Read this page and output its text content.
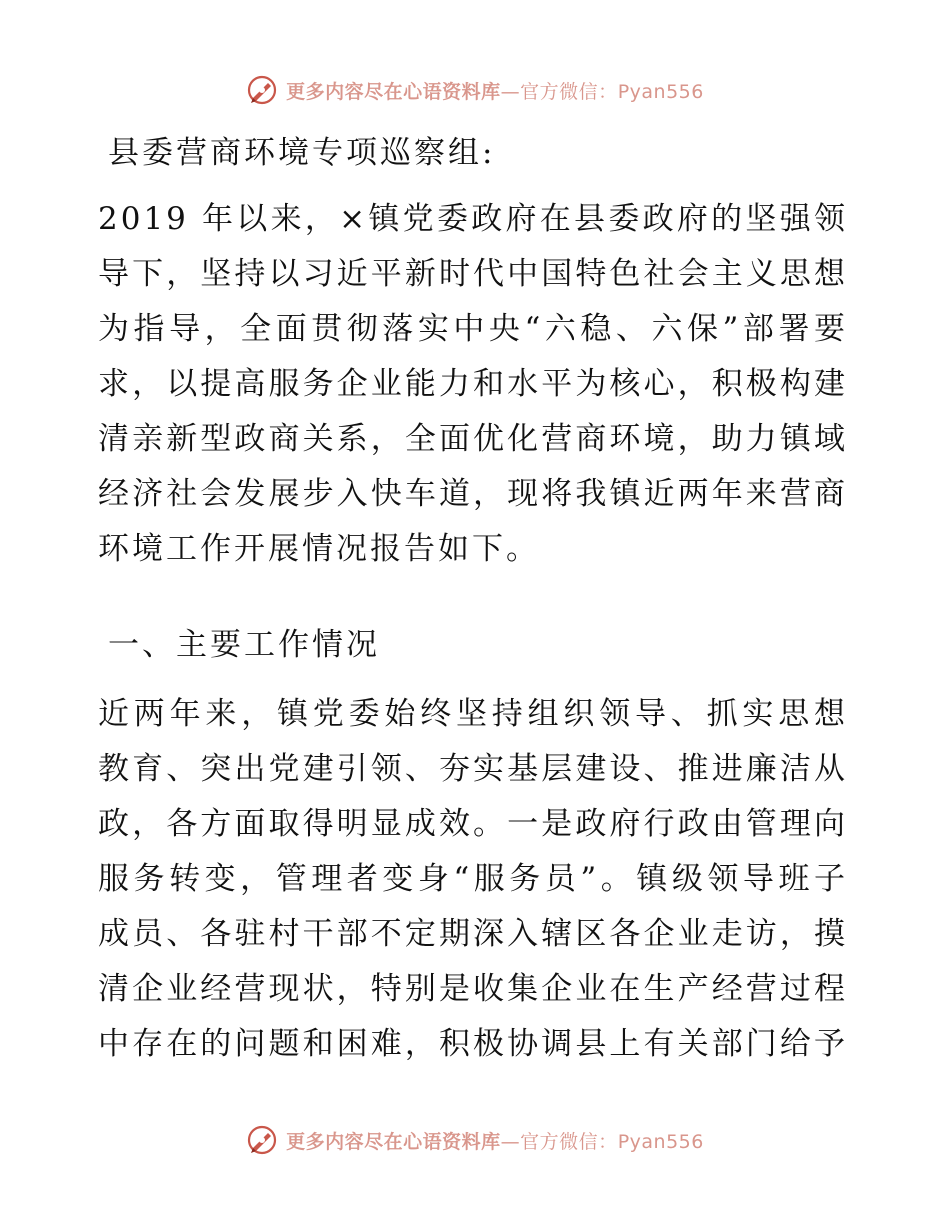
更多内容尽在心语资料库—官方微信：Pyan556
县委营商环境专项巡察组:
2019 年以来，×镇党委政府在县委政府的坚强领
导下，坚持以习近平新时代中国特色社会主义思想
为指导，全面贯彻落实中央“六稳、六保”部署要
求，以提高服务企业能力和水平为核心，积极构建
清亲新型政商关系，全面优化营商环境，助力镇域
经济社会发展步入快车道，现将我镇近两年来营商
环境工作开展情况报告如下。
一、主要工作情况
近两年来，镇党委始终坚持组织领导、抓实思想
教育、突出党建引领、夯实基层建设、推进廉洁从
政，各方面取得明显成效。一是政府行政由管理向
服务转变，管理者变身“服务员”。镇级领导班子
成员、各驻村干部不定期深入辖区各企业走访，摸
清企业经营现状，特别是收集企业在生产经营过程
中存在的问题和困难，积极协调县上有关部门给予
更多内容尽在心语资料库—官方微信：Pyan556
